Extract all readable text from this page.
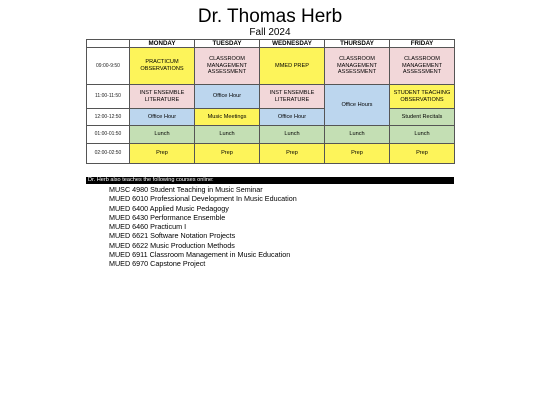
Dr. Thomas Herb
Fall 2024
	MONDAY	TUESDAY	WEDNESDAY	THURSDAY	FRIDAY
09:00-9:50	PRACTICUM OBSERVATIONS	CLASSROOM MANAGEMENT ASSESSMENT	MMED PREP	CLASSROOM MANAGEMENT ASSESSMENT	CLASSROOM MANAGEMENT ASSESSMENT
11:00-11:50	INST ENSEMBLE LITERATURE	Office Hour	INST ENSEMBLE LITERATURE	Office Hours	STUDENT TEACHING OBSERVATIONS
12:00-12:50	Office Hour	Music Meetings	Office Hour		Student Recitals
01:00-01:50	Lunch	Lunch	Lunch	Lunch	Lunch
02:00-02:50	Prep	Prep	Prep	Prep	Prep
Dr. Herb also teaches the following courses online:
MUSC 4980 Student Teaching in Music Seminar
MUED 6010 Professional Development In Music Education
MUED 6400 Applied Music Pedagogy
MUED 6430 Performance Ensemble
MUED 6460 Practicum I
MUED 6621 Software Notation Projects
MUED 6622 Music Production Methods
MUED 6911 Classroom Management in Music Education
MUED 6970 Capstone Project
